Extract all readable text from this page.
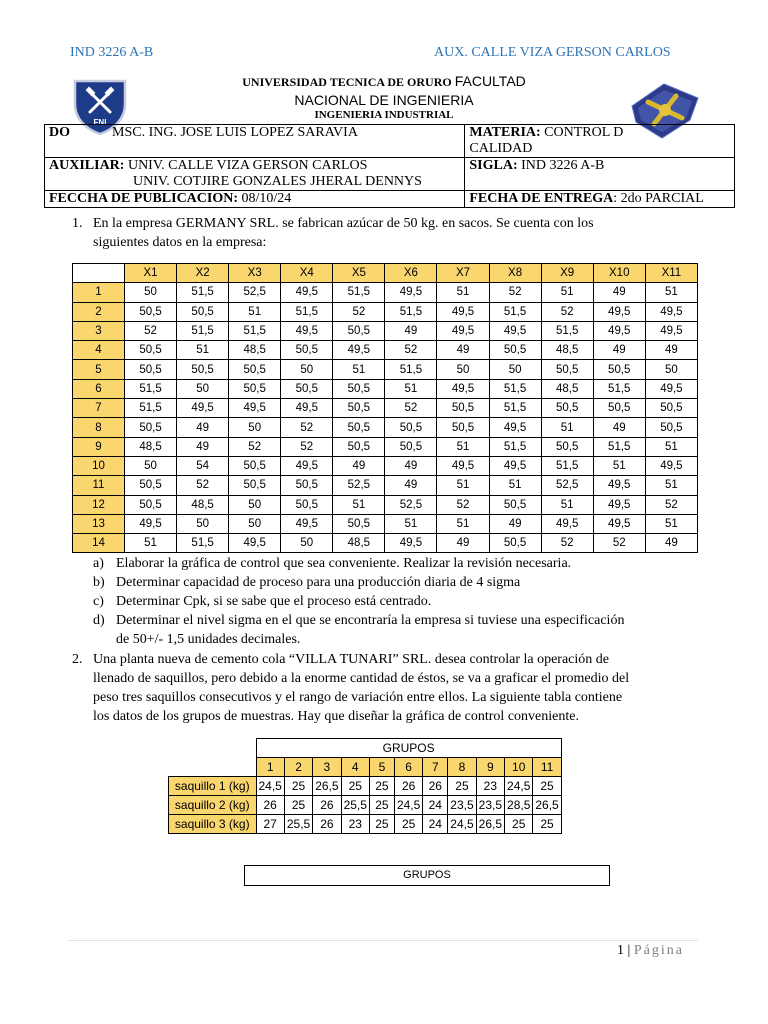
IND 3226 A-B	AUX. CALLE VIZA GERSON CARLOS
FNI
UNIVERSIDAD TECNICA DE ORURO FACULTAD
NACIONAL DE INGENIERIA
INGENIERIA INDUSTRIAL
DO MSC. ING. JOSE LUIS LOPEZ SARAVIA	MATERIA: CONTROL D
CALIDAD
AUXILIAR: UNIV. CALLE VIZA GERSON CARLOS
UNIV. COTJIRE GONZALES JHERAL DENNYS	SIGLA: IND 3226 A-B
FECCHA DE PUBLICACION: 08/10/24	FECHA DE ENTREGA: 2do PARCIAL
1. En la empresa GERMANY SRL. se fabrican azúcar de 50 kg. en sacos. Se cuenta con los
siguientes datos en la empresa:
	X1	X2	X3	X4	X5	X6	X7	X8	X9	X10	X11
1	50	51,5	52,5	49,5	51,5	49,5	51	52	51	49	51
2	50,5	50,5	51	51,5	52	51,5	49,5	51,5	52	49,5	49,5
3	52	51,5	51,5	49,5	50,5	49	49,5	49,5	51,5	49,5	49,5
4	50,5	51	48,5	50,5	49,5	52	49	50,5	48,5	49	49
5	50,5	50,5	50,5	50	51	51,5	50	50	50,5	50,5	50
6	51,5	50	50,5	50,5	50,5	51	49,5	51,5	48,5	51,5	49,5
7	51,5	49,5	49,5	49,5	50,5	52	50,5	51,5	50,5	50,5	50,5
8	50,5	49	50	52	50,5	50,5	50,5	49,5	51	49	50,5
9	48,5	49	52	52	50,5	50,5	51	51,5	50,5	51,5	51
10	50	54	50,5	49,5	49	49	49,5	49,5	51,5	51	49,5
11	50,5	52	50,5	50,5	52,5	49	51	51	52,5	49,5	51
12	50,5	48,5	50	50,5	51	52,5	52	50,5	51	49,5	52
13	49,5	50	50	49,5	50,5	51	51	49	49,5	49,5	51
14	51	51,5	49,5	50	48,5	49,5	49	50,5	52	52	49
a) Elaborar la gráfica de control que sea conveniente. Realizar la revisión necesaria.
b) Determinar capacidad de proceso para una producción diaria de 4 sigma
c) Determinar Cpk, si se sabe que el proceso está centrado.
d) Determinar el nivel sigma en el que se encontraría la empresa si tuviese una especificación
de 50+/- 1,5 unidades decimales.
2. Una planta nueva de cemento cola “VILLA TUNARI” SRL. desea controlar la operación de
llenado de saquillos, pero debido a la enorme cantidad de éstos, se va a graficar el promedio del
peso tres saquillos consecutivos y el rango de variación entre ellos. La siguiente tabla contiene
los datos de los grupos de muestras. Hay que diseñar la gráfica de control conveniente.
	GRUPOS										
	1	2	3	4	5	6	7	8	9	10	11
saquillo 1 (kg)	24,5	25	26,5	25	25	26	26	25	23	24,5	25
saquillo 2 (kg)	26	25	26	25,5	25	24,5	24	23,5	23,5	28,5	26,5
saquillo 3 (kg)	27	25,5	26	23	25	25	24	24,5	26,5	25	25
GRUPOS
1 | Página
